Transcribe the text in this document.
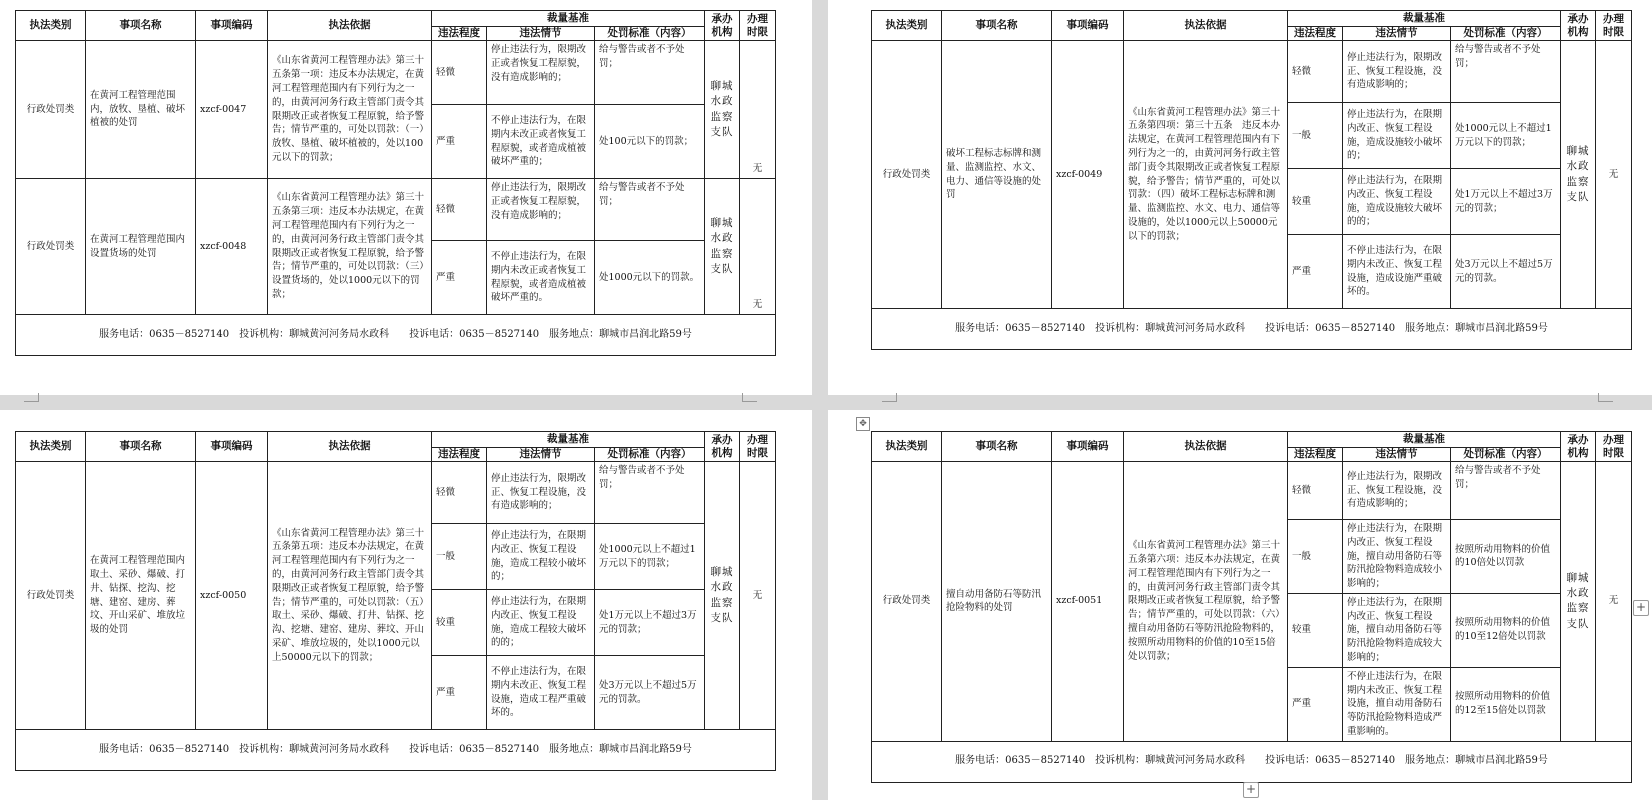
执法类别	事项名称	事项编码	执法依据	裁量基准			承办机构	办理时限
				违法程度	违法情节	处罚标准（内容）		
行政处罚类	在黄河工程管理范围内，放牧、垦植、破坏植被的处罚	xzcf-0047	《山东省黄河工程管理办法》第三十五条第一项：违反本办法规定，在黄河工程管理范围内有下列行为之一的，由黄河河务行政主管部门责令其限期改正或者恢复工程原貌，给予警告；情节严重的，可处以罚款：（一）放牧、垦植、破坏植被的，处以100元以下的罚款；	轻微	停止违法行为，限期改正或者恢复工程原貌，没有造成影响的；	给与警告或者不予处罚；	聊城水政监察支队	无
				严重	不停止违法行为，在限期内未改正或者恢复工程原貌，或者造成植被破坏严重的；	处100元以下的罚款；		
行政处罚类	在黄河工程管理范围内设置货场的处罚	xzcf-0048	《山东省黄河工程管理办法》第三十五条第三项：违反本办法规定，在黄河工程管理范围内有下列行为之一的，由黄河河务行政主管部门责令其限期改正或者恢复工程原貌，给予警告；情节严重的，可处以罚款：（三）设置货场的，处以1000元以下的罚款；	轻微	停止违法行为，限期改正或者恢复工程原貌，没有造成影响的；	给与警告或者不予处罚；	聊城水政监察支队	无
				严重	不停止违法行为，在限期内未改正或者恢复工程原貌，或者造成植被破坏严重的。	处1000元以下的罚款。		
服务电话：0635－8527140　投诉机构：聊城黄河河务局水政科　　投诉电话：0635－8527140　服务地点：聊城市昌润北路59号								
执法类别	事项名称	事项编码	执法依据	裁量基准			承办机构	办理时限
				违法程度	违法情节	处罚标准（内容）		
行政处罚类	破坏工程标志标牌和测量、监测监控、水文、电力、通信等设施的处罚	xzcf-0049	《山东省黄河工程管理办法》第三十五条第四项：第三十五条　违反本办法规定，在黄河工程管理范围内有下列行为之一的，由黄河河务行政主管部门责令其限期改正或者恢复工程原貌，给予警告；情节严重的，可处以罚款：（四）破坏工程标志标牌和测量、监测监控、水文、电力、通信等设施的，处以1000元以上50000元以下的罚款；	轻微	停止违法行为，限期改正、恢复工程设施，没有造成影响的；	给与警告或者不予处罚；	聊城水政监察支队	无
				一般	停止违法行为，在限期内改正、恢复工程设施，造成设施较小破坏的；	处1000元以上不超过1万元以下的罚款；		
				较重	停止违法行为，在限期内改正、恢复工程设施，造成设施较大破坏的的；	处1万元以上不超过3万元的罚款；		
				严重	不停止违法行为，在限期内未改正、恢复工程设施，造成设施严重破坏的。	处3万元以上不超过5万元的罚款。		
服务电话：0635－8527140　投诉机构：聊城黄河河务局水政科　　投诉电话：0635－8527140　服务地点：聊城市昌润北路59号								
执法类别	事项名称	事项编码	执法依据	裁量基准			承办机构	办理时限
				违法程度	违法情节	处罚标准（内容）		
行政处罚类	在黄河工程管理范围内取土、采砂、爆破、打井、钻探、挖沟、挖塘、建窑、建房、葬坟、开山采矿、堆放垃圾的处罚	xzcf-0050	《山东省黄河工程管理办法》第三十五条第五项：违反本办法规定，在黄河工程管理范围内有下列行为之一的，由黄河河务行政主管部门责令其限期改正或者恢复工程原貌，给予警告；情节严重的，可处以罚款：（五）取土、采砂、爆破、打井、钻探、挖沟、挖塘、建窑、建房、葬坟、开山采矿、堆放垃圾的，处以1000元以上50000元以下的罚款；	轻微	停止违法行为，限期改正、恢复工程设施，没有造成影响的；	给与警告或者不予处罚；	聊城水政监察支队	无
				一般	停止违法行为，在限期内改正、恢复工程设施，造成工程较小破坏的；	处1000元以上不超过1万元以下的罚款；		
				较重	停止违法行为，在限期内改正、恢复工程设施，造成工程较大破坏的的；	处1万元以上不超过3万元的罚款；		
				严重	不停止违法行为，在限期内未改正、恢复工程设施，造成工程严重破坏的。	处3万元以上不超过5万元的罚款。		
服务电话：0635－8527140　投诉机构：聊城黄河河务局水政科　　投诉电话：0635－8527140　服务地点：聊城市昌润北路59号								
✥
执法类别	事项名称	事项编码	执法依据	裁量基准			承办机构	办理时限
				违法程度	违法情节	处罚标准（内容）		
行政处罚类	擅自动用备防石等防汛抢险物料的处罚	xzcf-0051	《山东省黄河工程管理办法》第三十五条第六项：违反本办法规定，在黄河工程管理范围内有下列行为之一的，由黄河河务行政主管部门责令其限期改正或者恢复工程原貌，给予警告；情节严重的，可处以罚款：（六）擅自动用备防石等防汛抢险物料的，按照所动用物料的价值的10至15倍处以罚款；	轻微	停止违法行为，限期改正、恢复工程设施，没有造成影响的；	给与警告或者不予处罚；	聊城水政监察支队	无
				一般	停止违法行为，在限期内改正、恢复工程设施，擅自动用备防石等防汛抢险物料造成较小影响的；	按照所动用物料的价值的10倍处以罚款		
				较重	停止违法行为，在限期内改正、恢复工程设施，擅自动用备防石等防汛抢险物料造成较大影响的；	按照所动用物料的价值的10至12倍处以罚款		
				严重	不停止违法行为，在限期内未改正、恢复工程设施，擅自动用备防石等防汛抢险物料造成严重影响的。	按照所动用物料的价值的12至15倍处以罚款		
服务电话：0635－8527140　投诉机构：聊城黄河河务局水政科　　投诉电话：0635－8527140　服务地点：聊城市昌润北路59号								
+
+
